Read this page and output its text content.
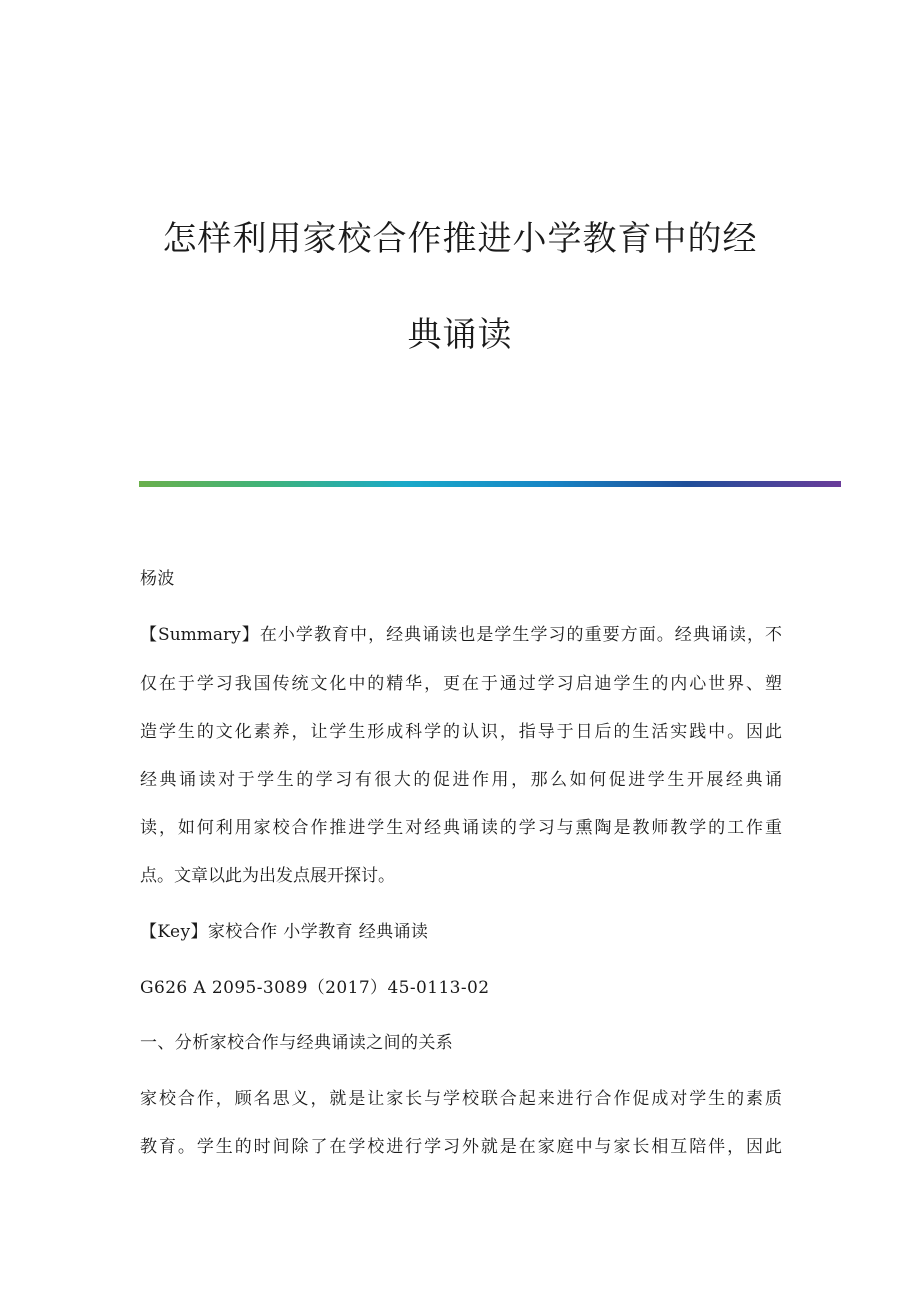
怎样利用家校合作推进小学教育中的经
典诵读

杨波

【Summary】在小学教育中，经典诵读也是学生学习的重要方面。经典诵读，不

仅在于学习我国传统文化中的精华，更在于通过学习启迪学生的内心世界、塑

造学生的文化素养，让学生形成科学的认识，指导于日后的生活实践中。因此

经典诵读对于学生的学习有很大的促进作用，那么如何促进学生开展经典诵

读，如何利用家校合作推进学生对经典诵读的学习与熏陶是教师教学的工作重

点。文章以此为出发点展开探讨。

【Key】家校合作 小学教育 经典诵读

G626 A 2095-3089（2017）45-0113-02

一、分析家校合作与经典诵读之间的关系

家校合作，顾名思义，就是让家长与学校联合起来进行合作促成对学生的素质

教育。学生的时间除了在学校进行学习外就是在家庭中与家长相互陪伴，因此
